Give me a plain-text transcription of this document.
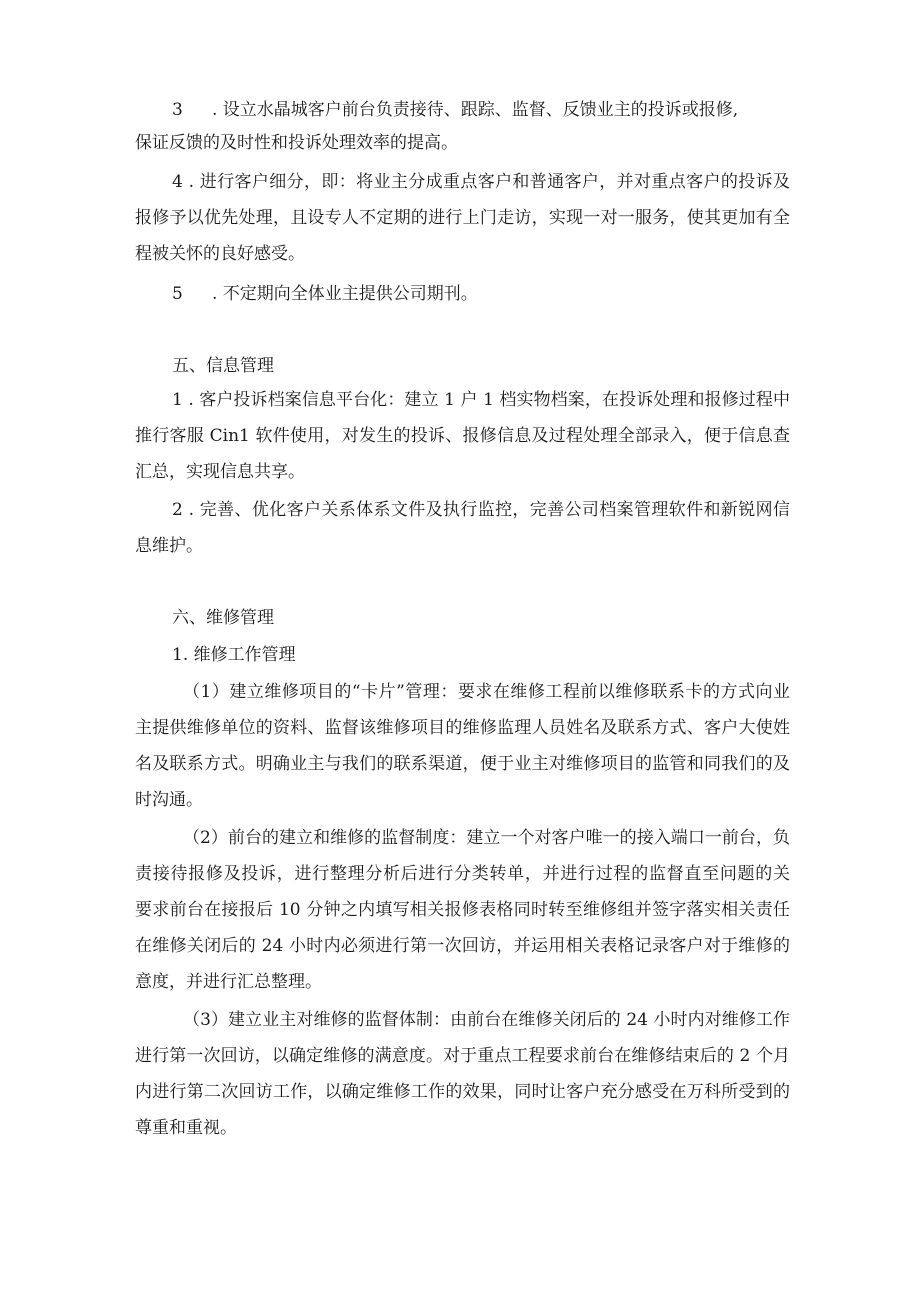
3 . 设立水晶城客户前台负责接待、跟踪、监督、反馈业主的投诉或报修,
保证反馈的及时性和投诉处理效率的提高。
4 . 进行客户细分，即：将业主分成重点客户和普通客户，并对重点客户的投诉及
报修予以优先处理，且设专人不定期的进行上门走访，实现一对一服务，使其更加有全
程被关怀的良好感受。
5 . 不定期向全体业主提供公司期刊。
五、信息管理
1 . 客户投诉档案信息平台化：建立 1 户 1 档实物档案，在投诉处理和报修过程中
推行客服 Cin1 软件使用，对发生的投诉、报修信息及过程处理全部录入，便于信息查
汇总，实现信息共享。
2 . 完善、优化客户关系体系文件及执行监控，完善公司档案管理软件和新锐网信
息维护。
六、维修管理
1. 维修工作管理
（1）建立维修项目的“卡片”管理：要求在维修工程前以维修联系卡的方式向业
主提供维修单位的资料、监督该维修项目的维修监理人员姓名及联系方式、客户大使姓
名及联系方式。明确业主与我们的联系渠道，便于业主对维修项目的监管和同我们的及
时沟通。
（2）前台的建立和维修的监督制度：建立一个对客户唯一的接入端口一前台，负
责接待报修及投诉，进行整理分析后进行分类转单，并进行过程的监督直至问题的关
要求前台在接报后 10 分钟之内填写相关报修表格同时转至维修组并签字落实相关责任
在维修关闭后的 24 小时内必须进行第一次回访，并运用相关表格记录客户对于维修的
意度，并进行汇总整理。
（3）建立业主对维修的监督体制：由前台在维修关闭后的 24 小时内对维修工作
进行第一次回访，以确定维修的满意度。对于重点工程要求前台在维修结束后的 2 个月
内进行第二次回访工作，以确定维修工作的效果，同时让客户充分感受在万科所受到的
尊重和重视。
